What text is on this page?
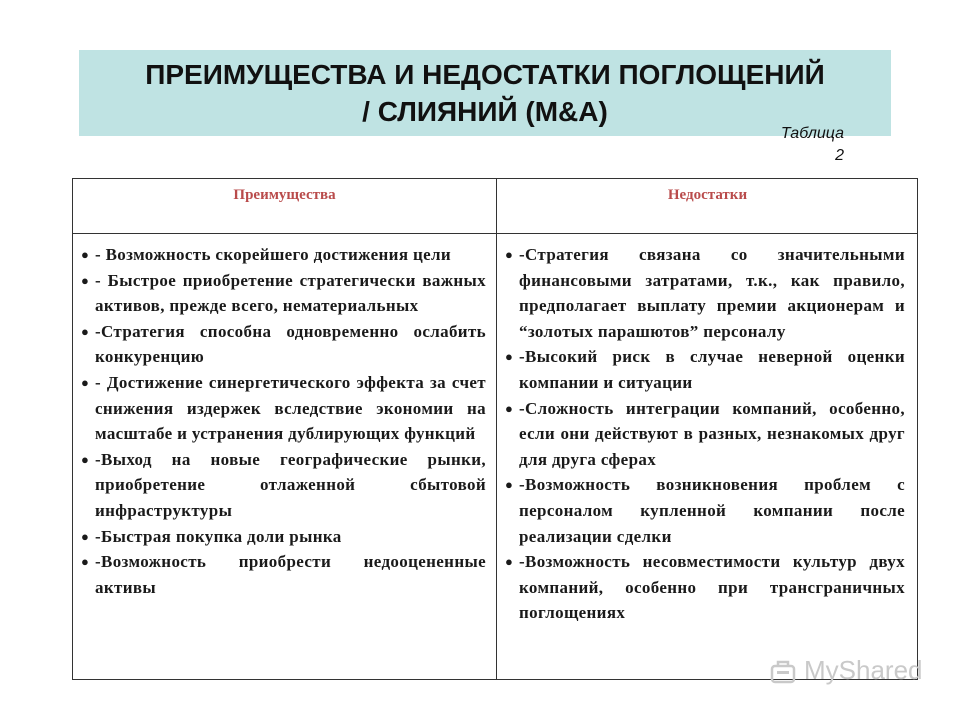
ПРЕИМУЩЕСТВА И НЕДОСТАТКИ ПОГЛОЩЕНИЙ
/ СЛИЯНИЙ (M&A)
Таблица
2
Преимущества	Недостатки
● - Возможность скорейшего достижения цели
● - Быстрое приобретение стратегически важных активов, прежде всего, нематериальных
● -Стратегия способна одновременно ослабить конкуренцию
● - Достижение синергетического эффекта за счет снижения издержек вследствие экономии на масштабе и устранения дублирующих функций
● -Выход на новые географические рынки, приобретение отлаженной сбытовой инфраструктуры
● -Быстрая покупка доли рынка
● -Возможность приобрести недооцененные активы
● -Стратегия связана со значительными финансовыми затратами, т.к., как правило, предполагает выплату премии акционерам и “золотых парашютов” персоналу
● -Высокий риск в случае неверной оценки компании и ситуации
● -Сложность интеграции компаний, особенно, если они действуют в разных, незнакомых друг для друга сферах
● -Возможность возникновения проблем с персоналом купленной компании после реализации сделки
● -Возможность несовместимости культур двух компаний, особенно при трансграничных поглощениях
MyShared
